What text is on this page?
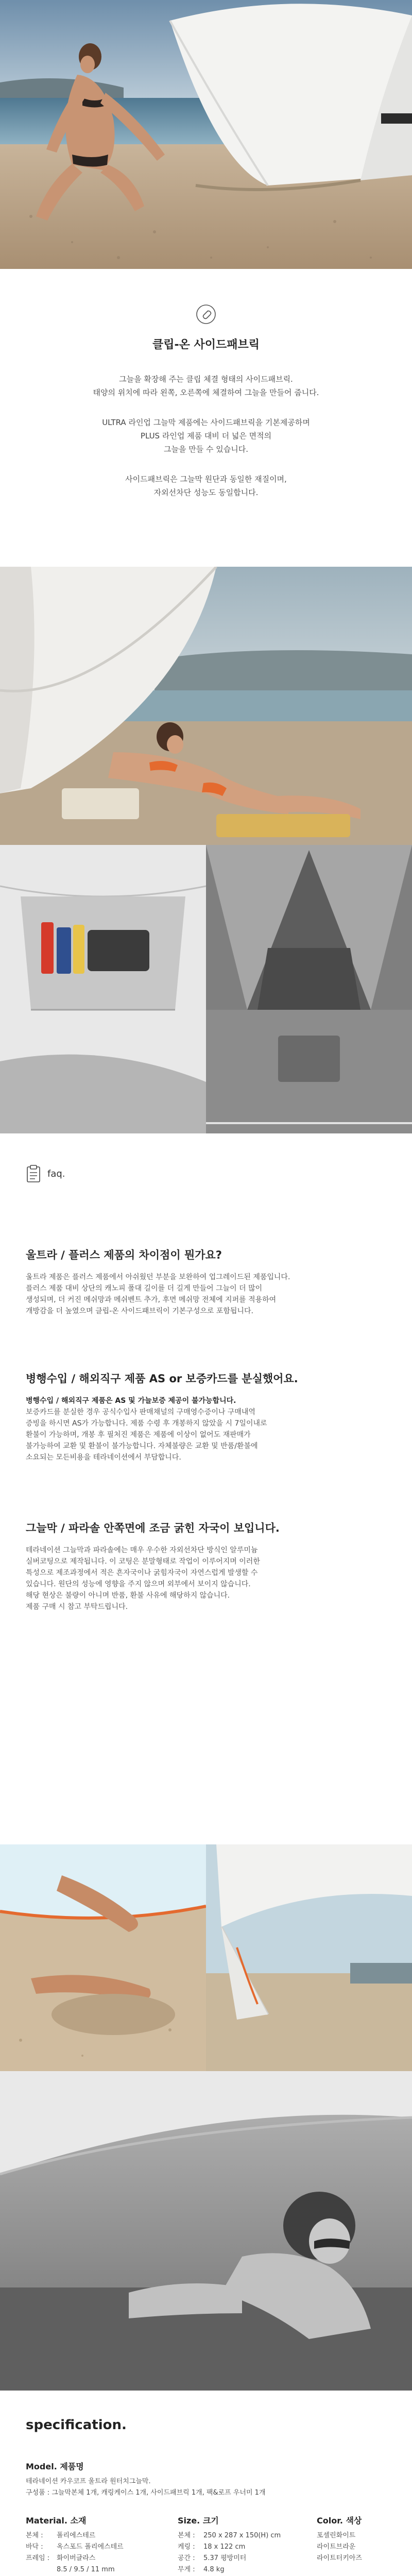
클립-온 사이드패브릭

그늘을 확장해 주는 클립 체결 형태의 사이드패브릭.

태양의 위치에 따라 왼쪽, 오른쪽에 체결하여 그늘을 만들어 줍니다.

ULTRA 라인업 그늘막 제품에는 사이드패브릭을 기본제공하며

PLUS 라인업 제품 대비 더 넓은 면적의

그늘을 만들 수 있습니다.

사이드패브릭은 그늘막 원단과 동일한 재질이며,

자외선차단 성능도 동일합니다.

faq.

울트라 / 플러스 제품의 차이점이 뭔가요?

울트라 제품은 플러스 제품에서 아쉬웠던 부분을 보완하여 업그레이드된 제품입니다.

플러스 제품 대비 상단의 캐노피 폴대 길이를 더 길게 만들어 그늘이 더 많이

생성되며, 더 커진 메쉬망과 메쉬벤트 추가, 후면 메쉬망 전체에 지퍼를 적용하여

개방감을 더 높였으며 클립-온 사이드패브릭이 기본구성으로 포함됩니다.

병행수입 / 해외직구 제품 AS or 보증카드를 분실했어요.

병행수입 / 해외직구 제품은 AS 및 가늘보증 제공이 불가능합니다.

보증카드를 분실한 경우 공식수입사 판매채널의 구매영수증이나 구매내역

증빙을 하시면 AS가 가능합니다. 제품 수령 후 개봉하지 않았을 시 7일이내로

환불이 가능하며, 개봉 후 필처진 제품은 제품에 이상이 없어도 재판매가

불가능하여 교환 및 환불이 불가능합니다. 자체불량은 교환 및 반품/환불에

소요되는 모든비용을 테라네이션에서 부담합니다.

그늘막 / 파라솔 안쪽면에 조금 굵힌 자국이 보입니다.

테라네이션 그늘막과 파라솔에는 매우 우수한 자외선차단 방식인 알루미늄

실버코팅으로 제작됩니다. 이 코팅은 분말형태로 작업이 이루어지며 이러한

특성으로 제조과정에서 적은 흔자국이나 굵힘자국이 자연스럽게 발생할 수

있습니다. 원단의 성능에 영향을 주지 않으며 외부에서 보이지 않습니다.

해당 현상은 불량이 아니며 반품, 환불 사유에 해당하지 않습니다.

제품 구매 시 참고 부탁드립니다.

specification.

Model. 제품명

테라네이션 카우코프 울트라 원터치그늘막.

구성품 : 그늘막본체 1개, 캐링케이스 1개, 사이드패브릭 1개, 팩&로프 우너미 1개

Material. 소재

본체 :	폴리에스테르
바닥 :	옥스포드 폴리에스테르
프레임 :	화이버글라스
8.5 / 9.5 / 11 mm

Size. 크기

본체 :	250 x 287 x 150(H) cm
케링 :	18 x 122 cm
공간 :	5.37 평방미터
무게 :	4.8 kg

Color. 색상

포셀린화이트

라이트브라운

라이트터키아즈
